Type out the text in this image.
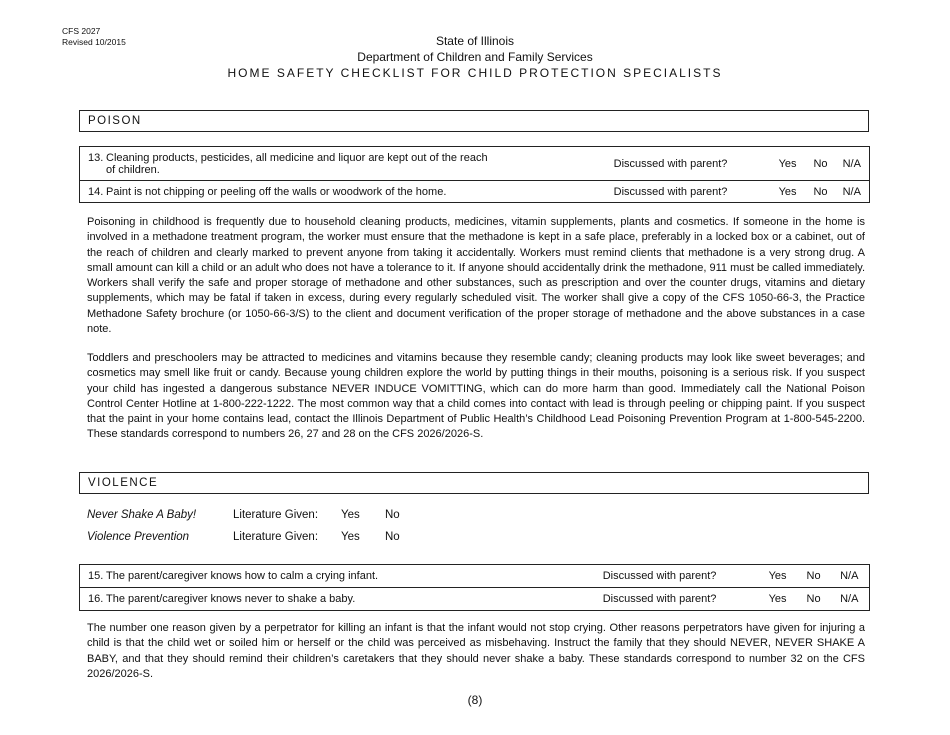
CFS 2027
Revised 10/2015	State of Illinois
Department of Children and Family Services
HOME SAFETY CHECKLIST FOR CHILD PROTECTION SPECIALISTS
POISON
13. Cleaning products, pesticides, all medicine and liquor are kept out of the reach
of children.	Discussed with parent?	Yes	No	N/A
14. Paint is not chipping or peeling off the walls or woodwork of the home.	Discussed with parent?	Yes	No	N/A
Poisoning in childhood is frequently due to household cleaning products, medicines, vitamin supplements, plants and cosmetics. If someone in the home is involved in a methadone treatment program, the worker must ensure that the methadone is kept in a safe place, preferably in a locked box or a cabinet, out of the reach of children and clearly marked to prevent anyone from taking it accidentally. Workers must remind clients that methadone is a very strong drug. A small amount can kill a child or an adult who does not have a tolerance to it. If anyone should accidentally drink the methadone, 911 must be called immediately. Workers shall verify the safe and proper storage of methadone and other substances, such as prescription and over the counter drugs, vitamins and dietary supplements, which may be fatal if taken in excess, during every regularly scheduled visit. The worker shall give a copy of the CFS 1050-66-3, the Practice Methadone Safety brochure (or 1050-66-3/S) to the client and document verification of the proper storage of methadone and the above substances in a case note.
Toddlers and preschoolers may be attracted to medicines and vitamins because they resemble candy; cleaning products may look like sweet beverages; and cosmetics may smell like fruit or candy. Because young children explore the world by putting things in their mouths, poisoning is a serious risk. If you suspect your child has ingested a dangerous substance NEVER INDUCE VOMITTING, which can do more harm than good. Immediately call the National Poison Control Center Hotline at 1-800-222-1222. The most common way that a child comes into contact with lead is through peeling or chipping paint. If you suspect that the paint in your home contains lead, contact the Illinois Department of Public Health’s Childhood Lead Poisoning Prevention Program at 1-800-545-2200. These standards correspond to numbers 26, 27 and 28 on the CFS 2026/2026-S.
VIOLENCE
Never Shake A Baby!	Literature Given: Yes No
Violence Prevention	Literature Given: Yes No
15. The parent/caregiver knows how to calm a crying infant.	Discussed with parent?	Yes	No	N/A
16. The parent/caregiver knows never to shake a baby.	Discussed with parent?	Yes	No	N/A
The number one reason given by a perpetrator for killing an infant is that the infant would not stop crying. Other reasons perpetrators have given for injuring a child is that the child wet or soiled him or herself or the child was perceived as misbehaving. Instruct the family that they should NEVER, NEVER SHAKE A BABY, and that they should remind their children’s caretakers that they should never shake a baby. These standards correspond to number 32 on the CFS 2026/2026-S.
(8)
